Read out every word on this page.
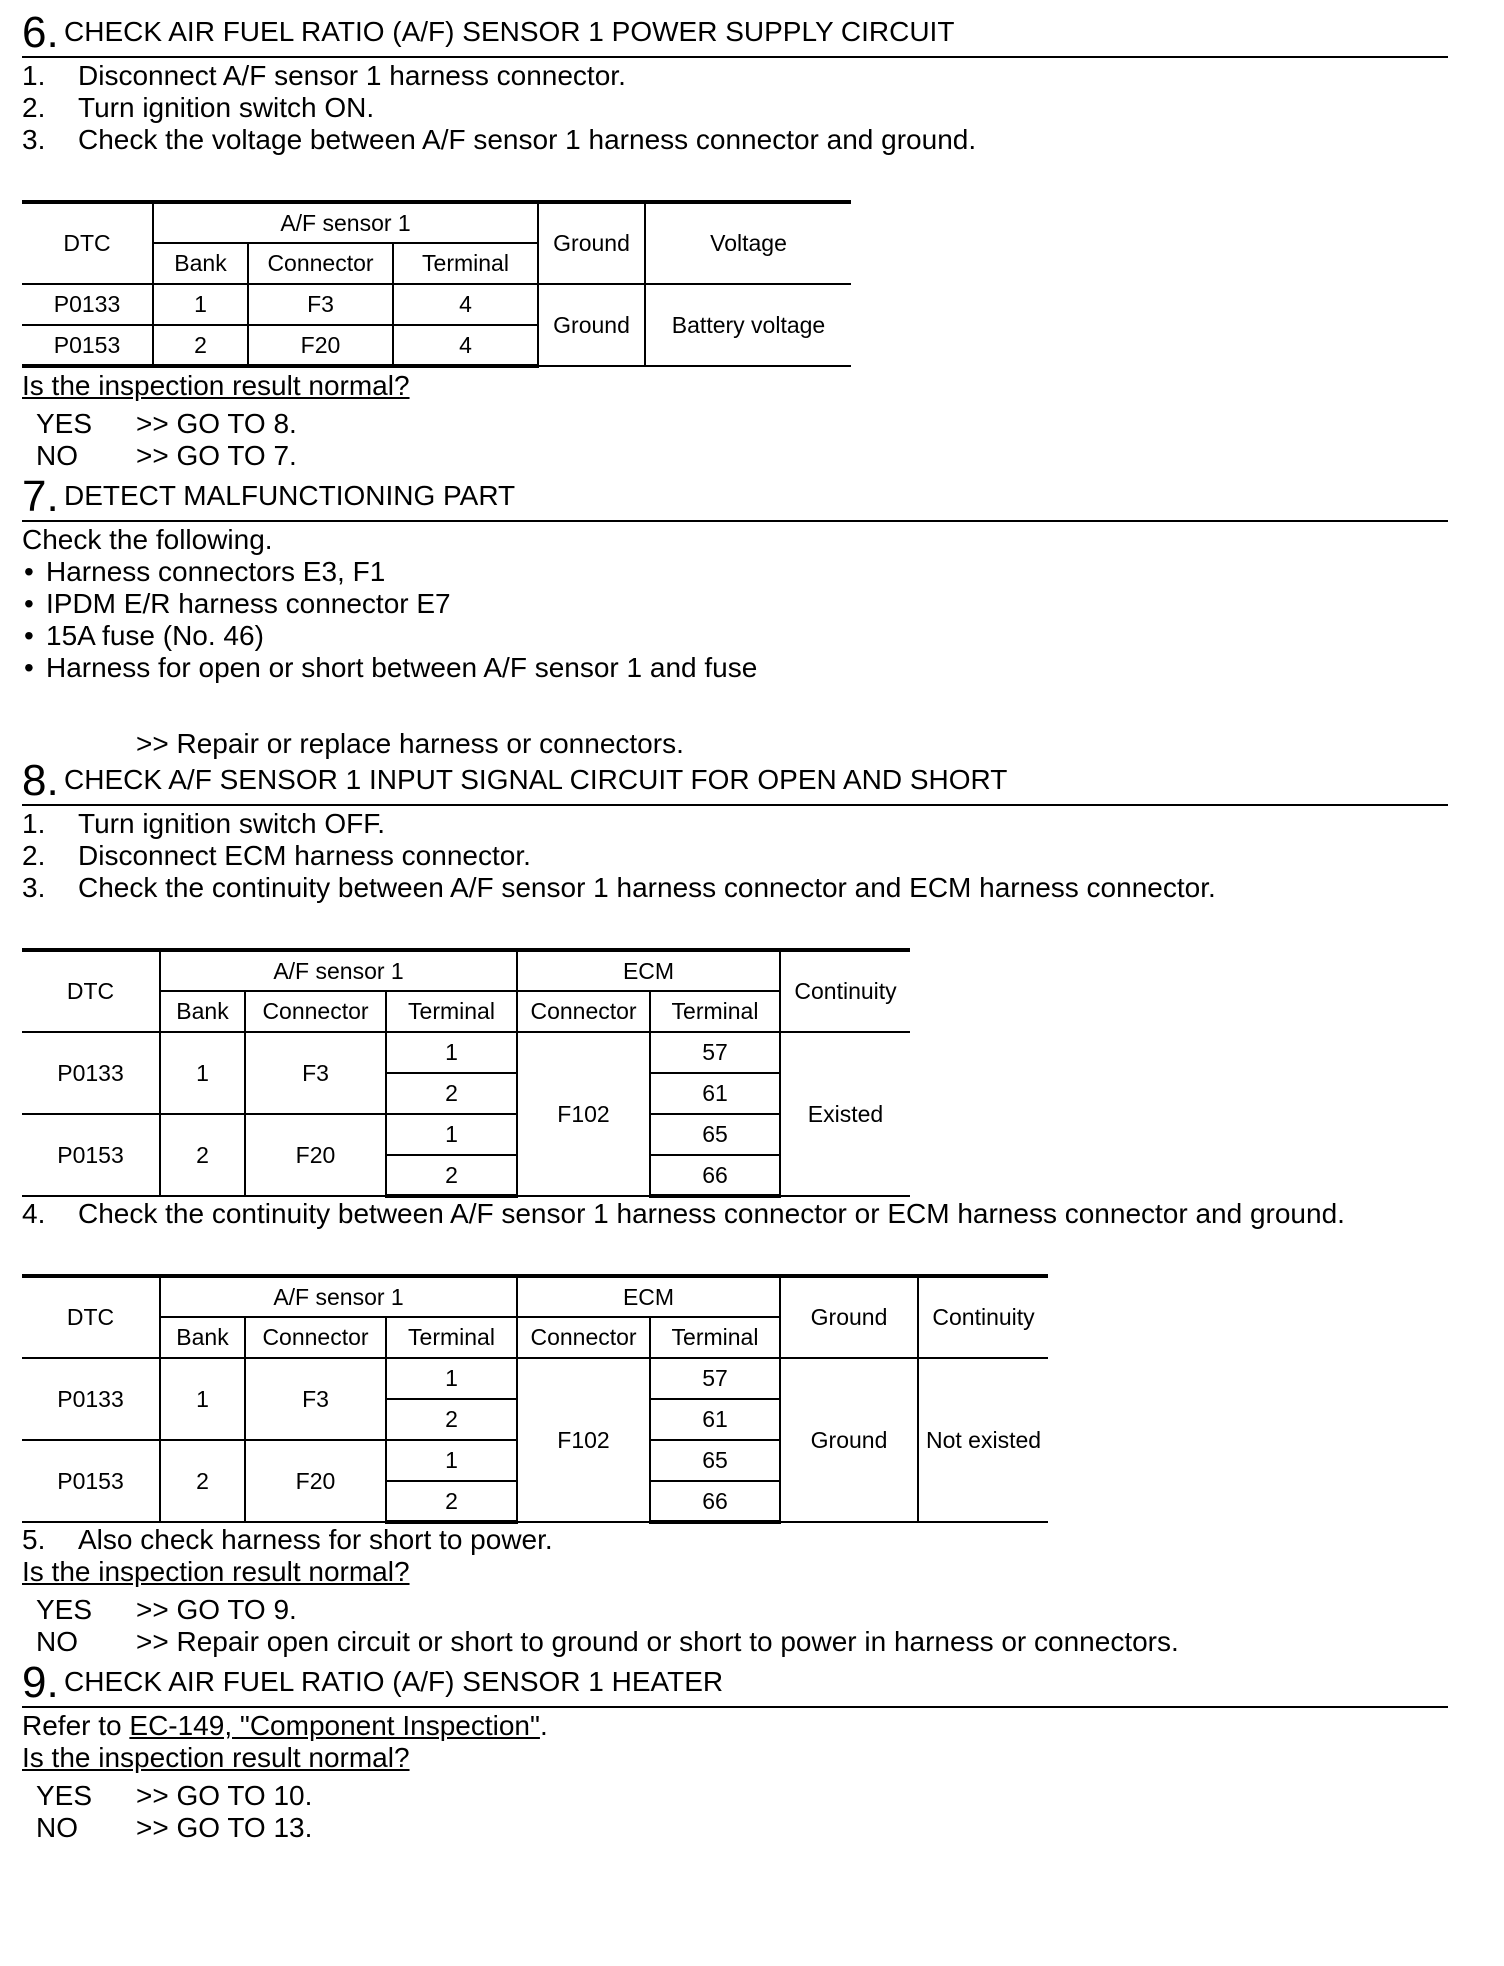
6. CHECK AIR FUEL RATIO (A/F) SENSOR 1 POWER SUPPLY CIRCUIT
1. Disconnect A/F sensor 1 harness connector.
2. Turn ignition switch ON.
3. Check the voltage between A/F sensor 1 harness connector and ground.
DTC	A/F sensor 1			Ground	Voltage
	Bank	Connector	Terminal		
P0133	1	F3	4	Ground	Battery voltage
P0153	2	F20	4		
Is the inspection result normal?
YES >> GO TO 8.
NO >> GO TO 7.
7. DETECT MALFUNCTIONING PART
Check the following.
• Harness connectors E3, F1
• IPDM E/R harness connector E7
• 15A fuse (No. 46)
• Harness for open or short between A/F sensor 1 and fuse
>> Repair or replace harness or connectors.
8. CHECK A/F SENSOR 1 INPUT SIGNAL CIRCUIT FOR OPEN AND SHORT
1. Turn ignition switch OFF.
2. Disconnect ECM harness connector.
3. Check the continuity between A/F sensor 1 harness connector and ECM harness connector.
DTC	A/F sensor 1			ECM		Continuity
	Bank	Connector	Terminal	Connector	Terminal	
P0133	1	F3	1	F102	57	Existed
			2		61	
P0153	2	F20	1		65	
			2		66	
4. Check the continuity between A/F sensor 1 harness connector or ECM harness connector and ground.
DTC	A/F sensor 1			ECM		Ground	Continuity
	Bank	Connector	Terminal	Connector	Terminal		
P0133	1	F3	1	F102	57	Ground	Not existed
			2		61		
P0153	2	F20	1		65		
			2		66		
5. Also check harness for short to power.
Is the inspection result normal?
YES >> GO TO 9.
NO >> Repair open circuit or short to ground or short to power in harness or connectors.
9. CHECK AIR FUEL RATIO (A/F) SENSOR 1 HEATER
Refer to EC-149, "Component Inspection".
Is the inspection result normal?
YES >> GO TO 10.
NO >> GO TO 13.
